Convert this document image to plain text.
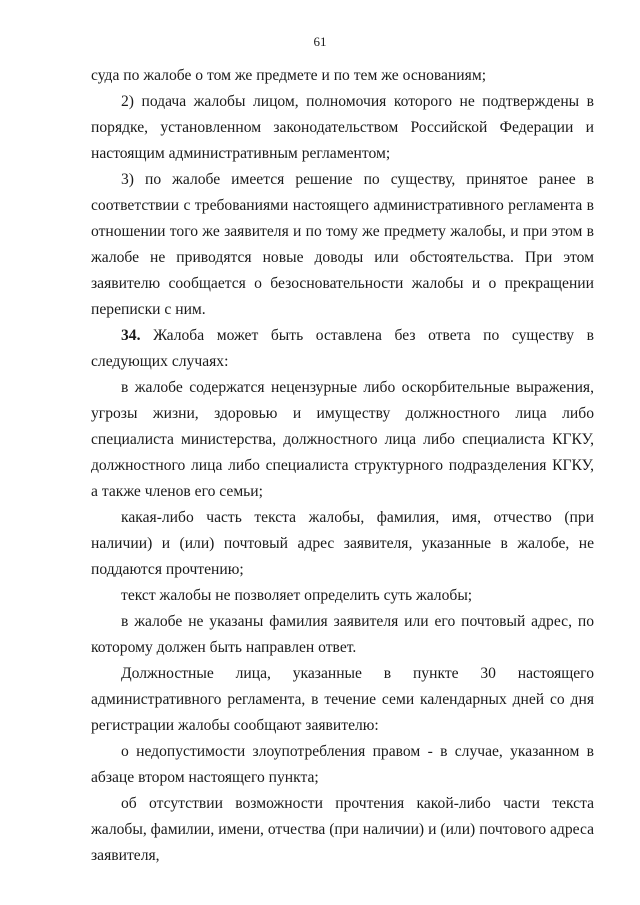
61

суда по жалобе о том же предмете и по тем же основаниям;

2) подача жалобы лицом, полномочия которого не подтверждены в порядке, установленном законодательством Российской Федерации и настоящим административным регламентом;

3) по жалобе имеется решение по существу, принятое ранее в соответствии с требованиями настоящего административного регламента в отношении того же заявителя и по тому же предмету жалобы, и при этом в жалобе не приводятся новые доводы или обстоятельства. При этом заявителю сообщается о безосновательности жалобы и о прекращении переписки с ним.

34. Жалоба может быть оставлена без ответа по существу в следующих случаях:

в жалобе содержатся нецензурные либо оскорбительные выражения, угрозы жизни, здоровью и имуществу должностного лица либо специалиста министерства, должностного лица либо специалиста КГКУ, должностного лица либо специалиста структурного подразделения КГКУ, а также членов его семьи;

какая-либо часть текста жалобы, фамилия, имя, отчество (при наличии) и (или) почтовый адрес заявителя, указанные в жалобе, не поддаются прочтению;

текст жалобы не позволяет определить суть жалобы;

в жалобе не указаны фамилия заявителя или его почтовый адрес, по которому должен быть направлен ответ.

Должностные лица, указанные в пункте 30 настоящего административного регламента, в течение семи календарных дней со дня регистрации жалобы сообщают заявителю:

о недопустимости злоупотребления правом - в случае, указанном в абзаце втором настоящего пункта;

об отсутствии возможности прочтения какой-либо части текста жалобы, фамилии, имени, отчества (при наличии) и (или) почтового адреса заявителя,
